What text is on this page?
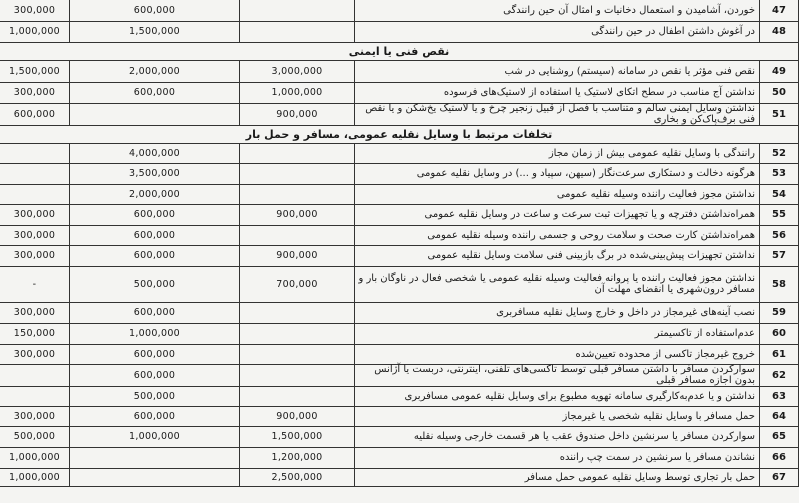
47
خوردن، آشامیدن و استعمال دخانیات و امثال آن حین رانندگی
600,000
300,000
48
در آغوش داشتن اطفال در حین رانندگی
1,500,000
1,000,000
نقص فنی یا ایمنی
49
نقص فنی مؤثر یا نقص در سامانه (سیستم) روشنایی در شب
3,000,000
2,000,000
1,500,000
50
نداشتن آج مناسب در سطح اتکای لاستیک یا استفاده از لاستیک‌های فرسوده
1,000,000
600,000
300,000
51
نداشتن وسایل ایمنی سالم و متناسب با فصل از قبیل زنجیر چرخ و یا لاستیک یخ‌شکن و یا نقص فنی برف‌پاک‌کن و بخاری
900,000
600,000
تخلفات مرتبط با وسایل نقلیه عمومی، مسافر و حمل بار
52
رانندگی با وسایل نقلیه عمومی بیش از زمان مجاز
4,000,000
53
هرگونه دخالت و دستکاری سرعت‌نگار (سیهن، سپیاد و ...) در وسایل نقلیه عمومی
3,500,000
54
نداشتن مجوز فعالیت راننده وسیله نقلیه عمومی
2,000,000
55
همراه‌نداشتن دفترچه و یا تجهیزات ثبت سرعت و ساعت در وسایل نقلیه عمومی
900,000
600,000
300,000
56
همراه‌نداشتن کارت صحت و سلامت روحی و جسمی راننده وسیله نقلیه عمومی
600,000
300,000
57
نداشتن تجهیزات پیش‌بینی‌شده در برگ بازبینی فنی سلامت وسایل نقلیه عمومی
900,000
600,000
300,000
58
نداشتن مجوز فعالیت راننده یا پروانه فعالیت وسیله نقلیه عمومی یا شخصی فعال در ناوگان بار و مسافر درون‌شهری یا انقضای مهلت آن
700,000
500,000
-
59
نصب آینه‌های غیرمجاز در داخل و خارج وسایل نقلیه مسافربری
600,000
300,000
60
عدم‌استفاده از تاکسیمتر
1,000,000
150,000
61
خروج غیرمجاز تاکسی از محدوده تعیین‌شده
600,000
300,000
62
سوارکردن مسافر با داشتن مسافر قبلی توسط تاکسی‌های تلفنی، اینترنتی، دربست یا آژانس بدون اجازه مسافر قبلی
600,000
63
نداشتن و یا عدم‌به‌کارگیری سامانه تهویه مطبوع برای وسایل نقلیه عمومی مسافربری
500,000
64
حمل مسافر با وسایل نقلیه شخصی یا غیرمجاز
900,000
600,000
300,000
65
سوارکردن مسافر یا سرنشین داخل صندوق عقب یا هر قسمت خارجی وسیله نقلیه
1,500,000
1,000,000
500,000
66
نشاندن مسافر یا سرنشین در سمت چپ راننده
1,200,000
1,000,000
67
حمل بار تجاری توسط وسایل نقلیه عمومی حمل مسافر
2,500,000
1,000,000
